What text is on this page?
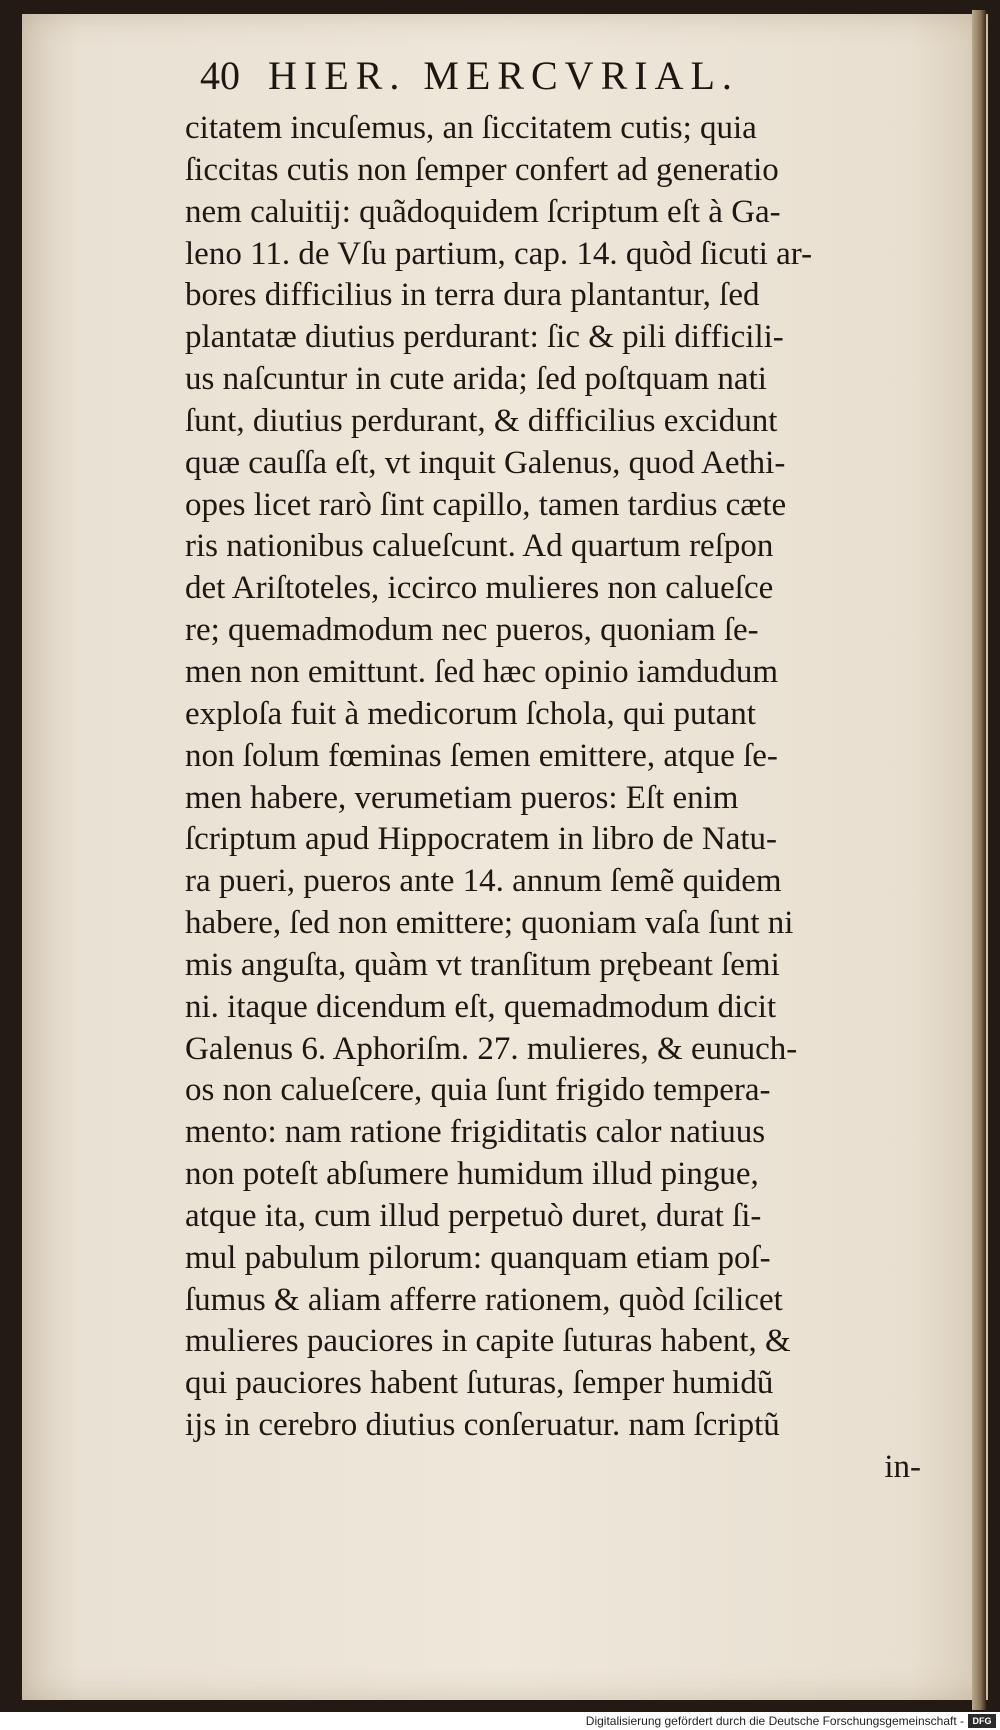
40 HIER. MERCVRIAL.
citatem incuſemus, an ſiccitatem cutis; quia
ſiccitas cutis non ſemper confert ad generatio
nem caluitij: quãdoquidem ſcriptum eſt à Ga-
leno 11. de Vſu partium, cap. 14. quòd ſicuti ar-
bores difficilius in terra dura plantantur, ſed
plantatæ diutius perdurant: ſic & pili difficili-
us naſcuntur in cute arida; ſed poſtquam nati
ſunt, diutius perdurant, & difficilius excidunt
quæ cauſſa eſt, vt inquit Galenus, quod Aethi-
opes licet rarò ſint capillo, tamen tardius cæte
ris nationibus calueſcunt. Ad quartum reſpon
det Ariſtoteles, iccirco mulieres non calueſce
re; quemadmodum nec pueros, quoniam ſe-
men non emittunt. ſed hæc opinio iamdudum
exploſa fuit à medicorum ſchola, qui putant
non ſolum fœminas ſemen emittere, atque ſe-
men habere, verumetiam pueros: Eſt enim
ſcriptum apud Hippocratem in libro de Natu-
ra pueri, pueros ante 14. annum ſemẽ quidem
habere, ſed non emittere; quoniam vaſa ſunt ni
mis anguſta, quàm vt tranſitum prębeant ſemi
ni. itaque dicendum eſt, quemadmodum dicit
Galenus 6. Aphoriſm. 27. mulieres, & eunuch-
os non calueſcere, quia ſunt frigido tempera-
mento: nam ratione frigiditatis calor natiuus
non poteſt abſumere humidum illud pingue,
atque ita, cum illud perpetuò duret, durat ſi-
mul pabulum pilorum: quanquam etiam poſ-
ſumus & aliam afferre rationem, quòd ſcilicet
mulieres pauciores in capite ſuturas habent, &
qui pauciores habent ſuturas, ſemper humidũ
ijs in cerebro diutius conſeruatur. nam ſcriptũ
in-
Digitalisierung gefördert durch die Deutsche Forschungsgemeinschaft - DFG
